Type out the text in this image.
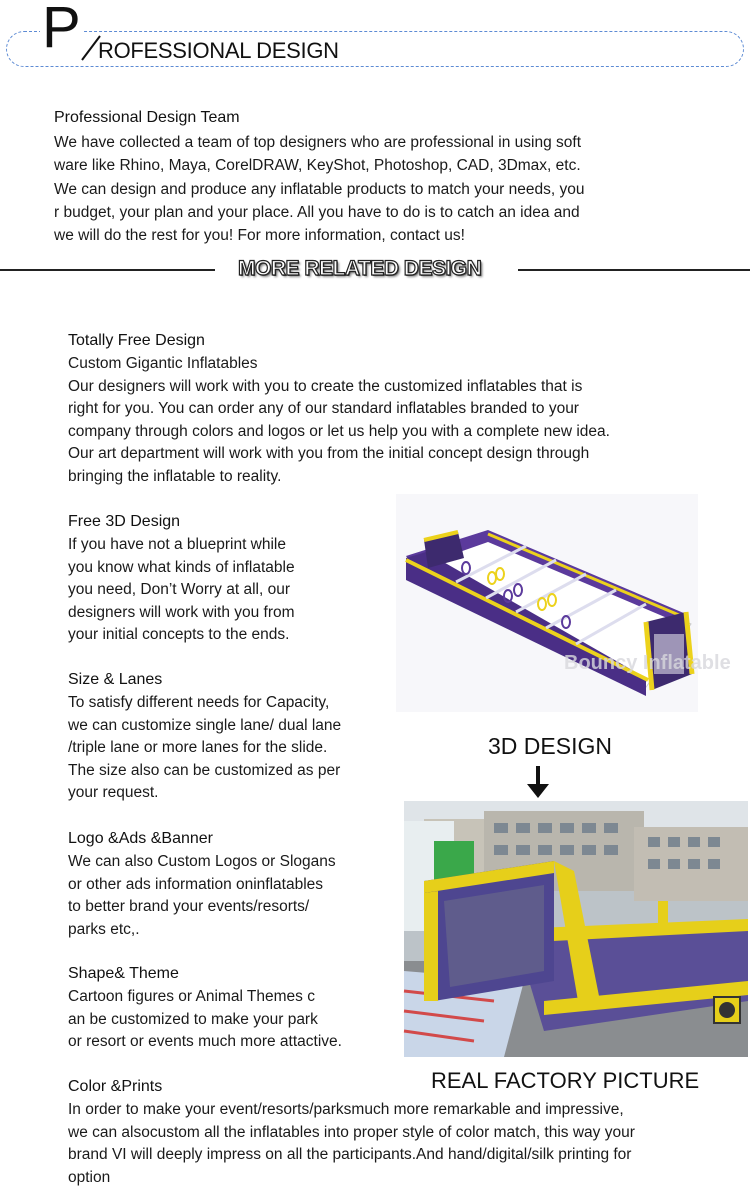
P ROFESSIONAL DESIGN
Professional Design Team
We have collected a team of top designers who are professional in using soft
ware like Rhino, Maya, CorelDRAW, KeyShot, Photoshop, CAD, 3Dmax, etc.
We can design and produce any inflatable products to match your needs, you
r budget, your plan and your place. All you have to do is to catch an idea and
we will do the rest for you! For more information, contact us!
MORE RELATED DESIGN
Totally Free Design
Custom Gigantic Inflatables
Our designers will work with you to create the customized inflatables that is
right for you. You can order any of our standard inflatables branded to your
company through colors and logos or let us help you with a complete new idea.
Our art department will work with you from the initial concept design through
bringing the inflatable to reality.
Free 3D Design
If you have not a blueprint while
you know what kinds of inflatable
you need, Don’t Worry at all, our
designers will work with you from
your initial concepts to the ends.
Size & Lanes
To satisfy different needs for Capacity,
we can customize single lane/ dual lane
/triple lane or more lanes for the slide.
The size also can be customized as per
your request.
Logo &Ads &Banner
We can also Custom Logos or Slogans
or other ads information oninflatables
to better brand your events/resorts/
parks etc,.
Shape& Theme
Cartoon figures or Animal Themes c
an be customized to make your park
or resort or events much more attactive.
Color &Prints
In order to make your event/resorts/parksmuch more remarkable and impressive,
we can alsocustom all the inflatables into proper style of color match, this way your
brand VI will deeply impress on all the participants.And hand/digital/silk printing for
option
Bouncy Inflatable
3D DESIGN
REAL FACTORY PICTURE
